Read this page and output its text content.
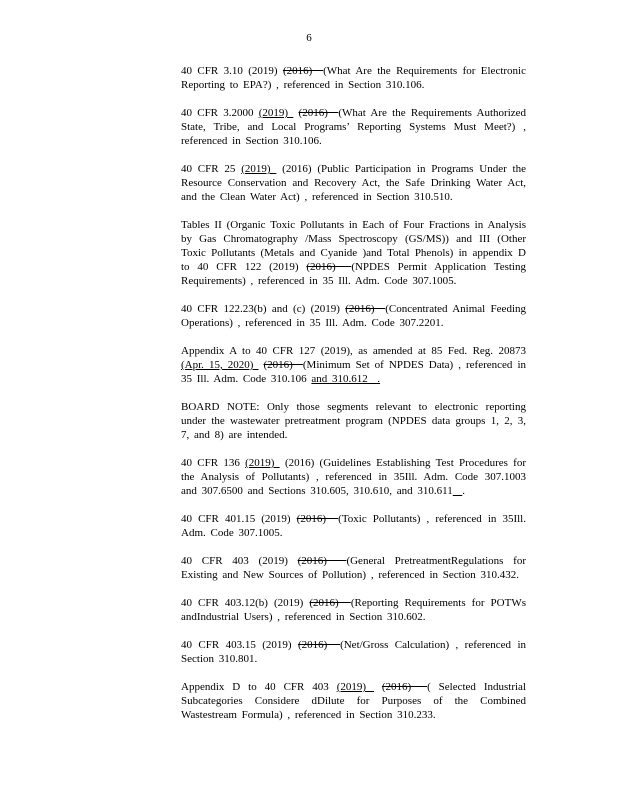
6

40 CFR 3.10 (2019) (2016)  (What Are the Requirements for Electronic Reporting to EPA?) , referenced in Section 310.106.

40 CFR 3.2000 (2019)  (2016)  (What Are the Requirements Authorized State, Tribe, and Local Programs’ Reporting Systems Must Meet?) , referenced in Section 310.106.

40 CFR 25 (2019)  (2016) (Public Participation in Programs Under the Resource Conservation and Recovery Act, the Safe Drinking Water Act, and the Clean Water Act) , referenced in Section 310.510.

Tables II (Organic Toxic Pollutants in Each of Four Fractions in Analysis by Gas Chromatography /Mass Spectroscopy (GS/MS)) and III (Other Toxic Pollutants (Metals and Cyanide )and Total Phenols) in appendix D to 40 CFR 122 (2019) (2016)  (NPDES Permit Application Testing Requirements) , referenced in 35 Ill. Adm. Code 307.1005.

40 CFR 122.23(b) and (c) (2019) (2016)  (Concentrated Animal Feeding Operations) , referenced in 35 Ill. Adm. Code 307.2201.

Appendix A to 40 CFR 127 (2019), as amended at 85 Fed. Reg. 20873 (Apr. 15, 2020)  (2016)  (Minimum Set of NPDES Data) , referenced in 35 Ill. Adm. Code 310.106 and 310.612  .

BOARD NOTE: Only those segments relevant to electronic reporting under the wastewater pretreatment program (NPDES data groups 1, 2, 3, 7, and 8) are intended.

40 CFR 136 (2019)  (2016) (Guidelines Establishing Test Procedures for the Analysis of Pollutants) , referenced in 35Ill. Adm. Code 307.1003 and 307.6500 and Sections 310.605, 310.610, and 310.611 .

40 CFR 401.15 (2019) (2016)  (Toxic Pollutants) , referenced in 35Ill. Adm. Code 307.1005.

40 CFR 403 (2019) (2016)  (General PretreatmentRegulations for Existing and New Sources of Pollution) , referenced in Section 310.432.

40 CFR 403.12(b) (2019) (2016)  (Reporting Requirements for POTWs andIndustrial Users) , referenced in Section 310.602.

40 CFR 403.15 (2019) (2016)  (Net/Gross Calculation) , referenced in Section 310.801.

Appendix D to 40 CFR 403 (2019)  (2016)  ( Selected Industrial Subcategories Considere dDilute for Purposes of the Combined Wastestream Formula) , referenced in Section 310.233.
